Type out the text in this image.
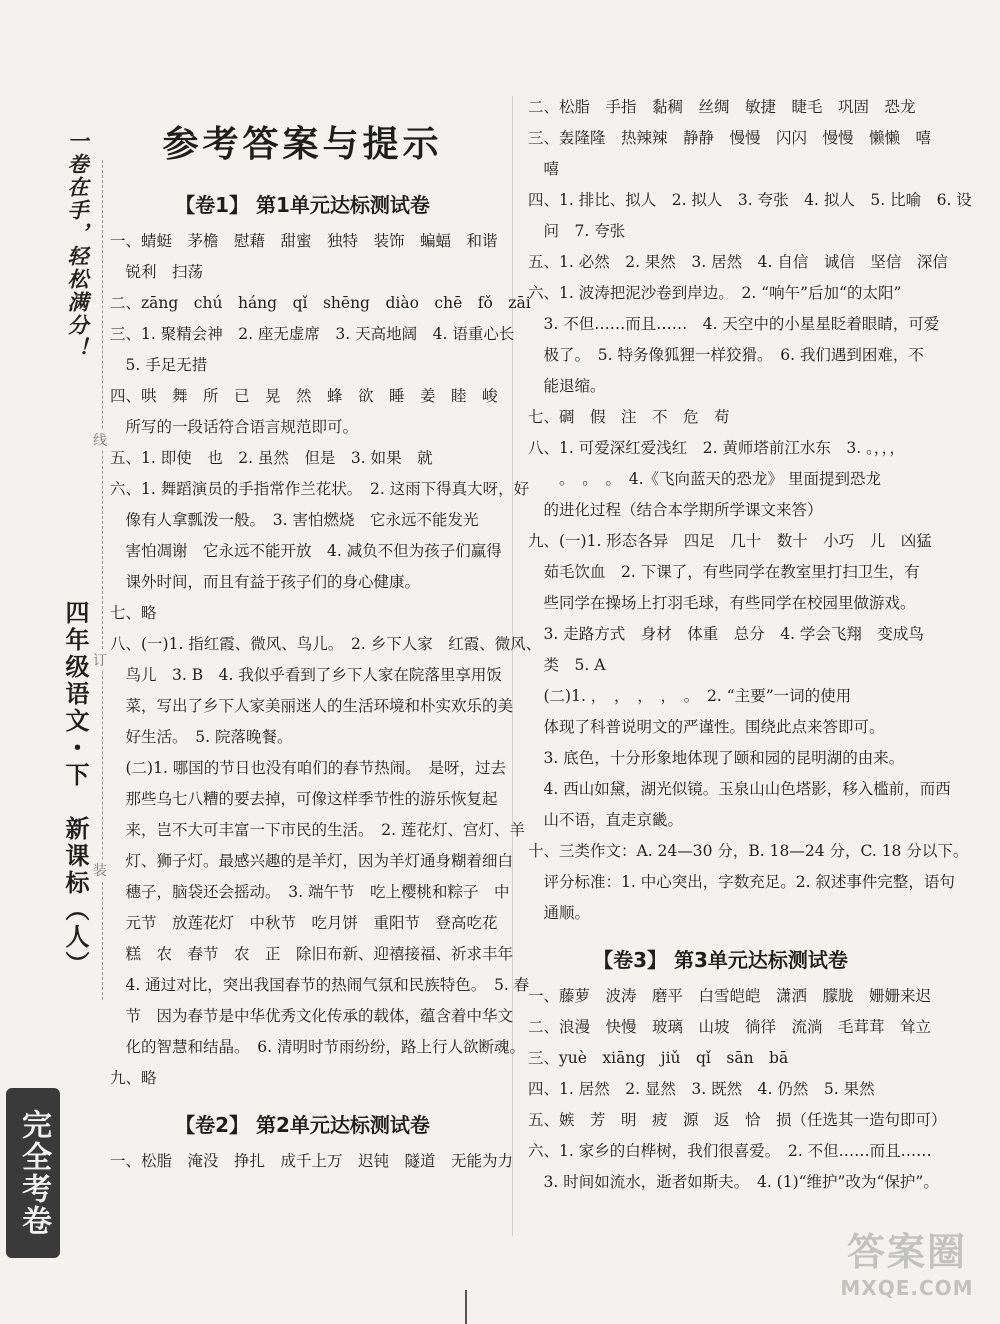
一卷在手，轻松满分！
四年级语文・下　新课标（人）
完全考卷
线
订
装
参考答案与提示
【卷1】 第1单元达标测试卷
一、蜻蜓　茅檐　慰藉　甜蜜　独特　装饰　蝙蝠　和谐
　锐利　扫荡
二、zāng　chú　háng　qǐ　shēng　diào　chē　fǒ　zāi
三、1. 聚精会神　2. 座无虚席　3. 天高地阔　4. 语重心长
　5. 手足无措
四、哄　舞　所　已　晃　然　蜂　欲　睡　姜　睦　峻
　所写的一段话符合语言规范即可。
五、1. 即使　也　2. 虽然　但是　3. 如果　就
六、1. 舞蹈演员的手指常作兰花状。　2. 这雨下得真大呀，好
　像有人拿瓢泼一般。　3. 害怕燃烧　它永远不能发光
　害怕凋谢　它永远不能开放　4. 减负不但为孩子们赢得
　课外时间，而且有益于孩子们的身心健康。
七、略
八、(一)1. 指红霞、微风、鸟儿。　2. 乡下人家　红霞、微风、
　鸟儿　3. B　4. 我似乎看到了乡下人家在院落里享用饭
　菜，写出了乡下人家美丽迷人的生活环境和朴实欢乐的美
　好生活。　5. 院落晚餐。
　(二)1. 哪国的节日也没有咱们的春节热闹。　是呀，过去
　那些乌七八糟的要去掉，可像这样季节性的游乐恢复起
　来，岂不大可丰富一下市民的生活。　2. 莲花灯、宫灯、羊
　灯、狮子灯。最感兴趣的是羊灯，因为羊灯通身糊着细白
　穗子，脑袋还会摇动。　3. 端午节　吃上樱桃和粽子　中
　元节　放莲花灯　中秋节　吃月饼　重阳节　登高吃花
　糕　农　春节　农　正　除旧布新、迎禧接福、祈求丰年
　4. 通过对比，突出我国春节的热闹气氛和民族特色。　5. 春
　节　因为春节是中华优秀文化传承的载体，蕴含着中华文
　化的智慧和结晶。　6. 清明时节雨纷纷，路上行人欲断魂。
九、略
【卷2】 第2单元达标测试卷
一、松脂　淹没　挣扎　成千上万　迟钝　隧道　无能为力
二、松脂　手指　黏稠　丝绸　敏捷　睫毛　巩固　恐龙
三、轰隆隆　热辣辣　静静　慢慢　闪闪　慢慢　懒懒　嘻
　嘻
四、1. 排比、拟人　2. 拟人　3. 夸张　4. 拟人　5. 比喻　6. 设
　问　7. 夸张
五、1. 必然　2. 果然　3. 居然　4. 自信　诚信　坚信　深信
六、1. 波涛把泥沙卷到岸边。　2. “响午”后加“的太阳”
　3. 不但……而且……　4. 天空中的小星星眨着眼睛，可爱
　极了。　5. 特务像狐狸一样狡猾。　6. 我们遇到困难，不
　能退缩。
七、碉　假　注　不　危　苟
八、1. 可爱深红爱浅红　2. 黄师塔前江水东　3. 。，，，
　　。　。　。　4.《飞向蓝天的恐龙》 里面提到恐龙
　的进化过程（结合本学期所学课文来答）
九、(一)1. 形态各异　四足　几十　数十　小巧　儿　凶猛
　茹毛饮血　2. 下课了，有些同学在教室里打扫卫生，有
　些同学在操场上打羽毛球，有些同学在校园里做游戏。
　3. 走路方式　身材　体重　总分　4. 学会飞翔　变成鸟
　类　5. A
　(二)1. ，　，　，　，　。　2. “主要”一词的使用
　体现了科普说明文的严谨性。围绕此点来答即可。
　3. 底色，十分形象地体现了颐和园的昆明湖的由来。
　4. 西山如黛，湖光似镜。玉泉山山色塔影，移入槛前，而西
　山不语，直走京畿。
十、三类作文：A. 24—30 分，B. 18—24 分，C. 18 分以下。
　评分标准：1. 中心突出，字数充足。2. 叙述事件完整，语句
　通顺。
【卷3】 第3单元达标测试卷
一、藤萝　波涛　磨平　白雪皑皑　潇洒　朦胧　姗姗来迟
二、浪漫　快慢　玻璃　山坡　徜徉　流淌　毛茸茸　耸立
三、yuè　xiāng　jiǔ　qǐ　sān　bā
四、1. 居然　2. 显然　3. 既然　4. 仍然　5. 果然
五、嫉　芳　明　疲　源　返　恰　损（任选其一造句即可）
六、1. 家乡的白桦树，我们很喜爱。　2. 不但……而且……
　3. 时间如流水，逝者如斯夫。　4. (1)“维护”改为“保护”。
答案圈
MXQE.COM
